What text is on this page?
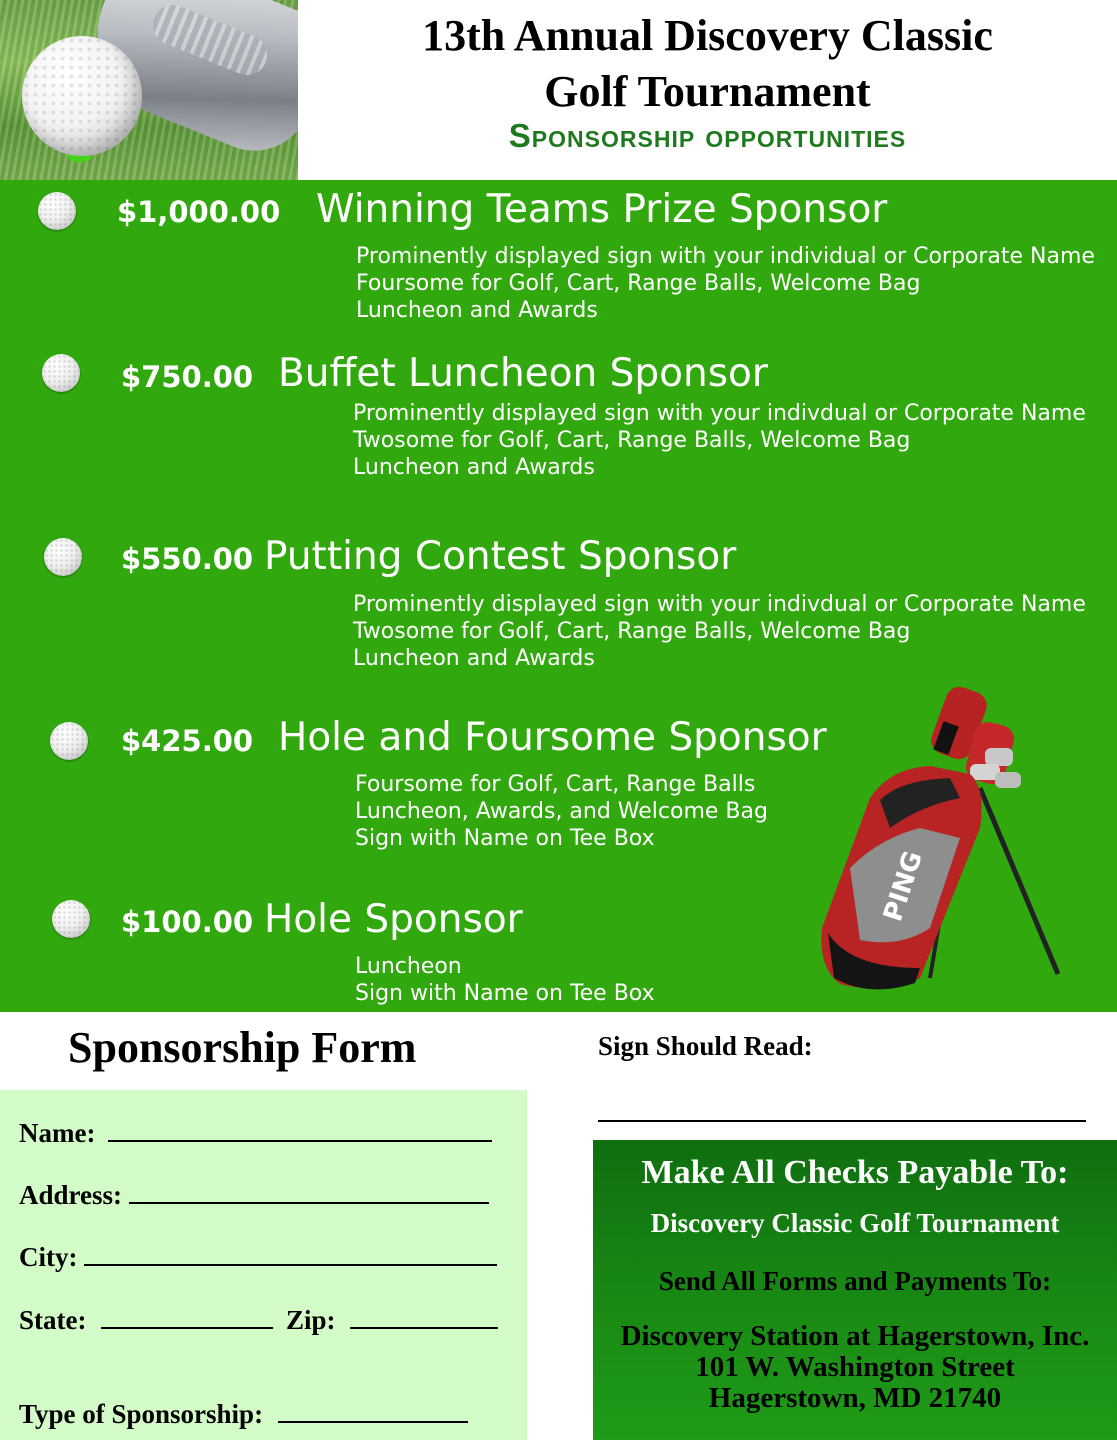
13th Annual Discovery Classic
Golf Tournament
Sponsorship opportunities
$1,000.00 Winning Teams Prize Sponsor
Prominently displayed sign with your individual or Corporate Name
Foursome for Golf, Cart, Range Balls, Welcome Bag
Luncheon and Awards
$750.00 Buffet Luncheon Sponsor
Prominently displayed sign with your indivdual or Corporate Name
Twosome for Golf, Cart, Range Balls, Welcome Bag
Luncheon and Awards
$550.00 Putting Contest Sponsor
Prominently displayed sign with your indivdual or Corporate Name
Twosome for Golf, Cart, Range Balls, Welcome Bag
Luncheon and Awards
$425.00 Hole and Foursome Sponsor
Foursome for Golf, Cart, Range Balls
Luncheon, Awards, and Welcome Bag
Sign with Name on Tee Box
$100.00 Hole Sponsor
Luncheon
Sign with Name on Tee Box
PING
Sponsorship Form
Name:
Address:
City:
State:	Zip:
Type of Sponsorship:
Sign Should Read:
Make All Checks Payable To:
Discovery Classic Golf Tournament
Send All Forms and Payments To:
Discovery Station at Hagerstown, Inc.
101 W. Washington Street
Hagerstown, MD 21740
